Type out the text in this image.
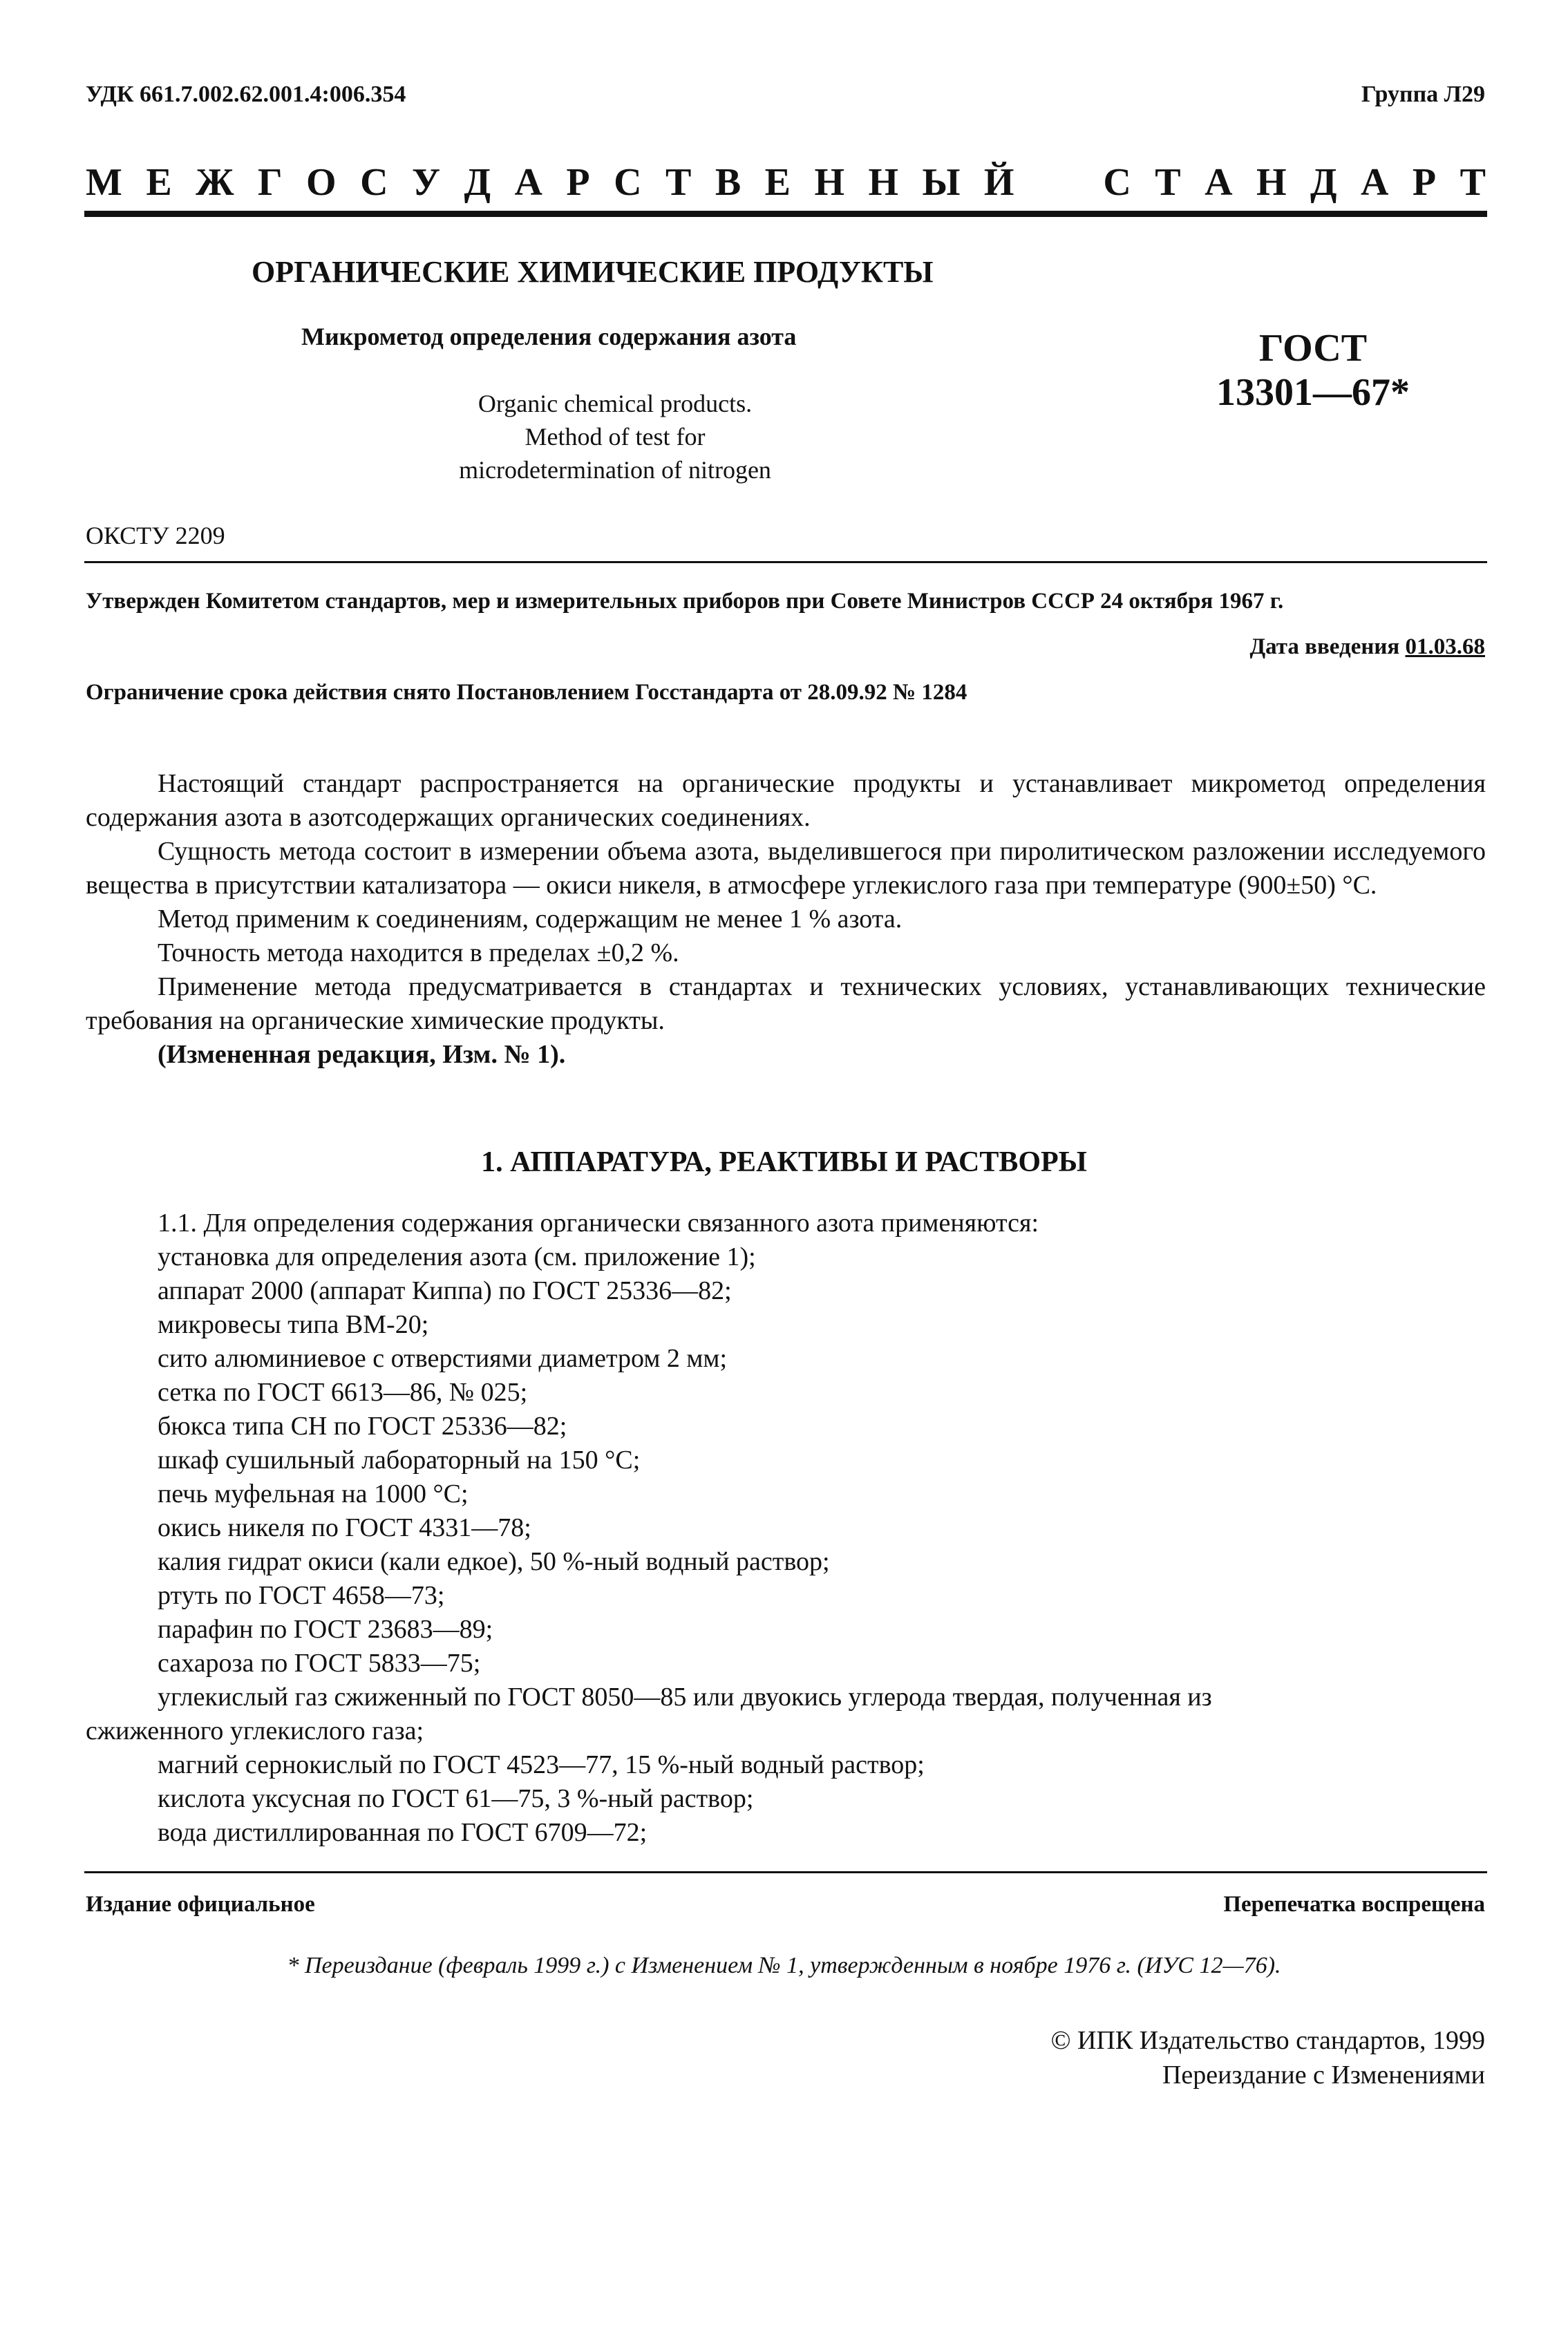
УДК 661.7.002.62.001.4:006.354	Группа Л29
М Е Ж Г О С У Д А Р С Т В Е Н Н Ы Й С Т А Н Д А Р Т
ОРГАНИЧЕСКИЕ ХИМИЧЕСКИЕ ПРОДУКТЫ
Микрометод определения содержания азота
Organic chemical products.
Method of test for
microdetermination of nitrogen
ГОСТ
13301—67*
ОКСТУ 2209
Утвержден Комитетом стандартов, мер и измерительных приборов при Совете Министров СССР 24 октября 1967 г.
Дата введения 01.03.68
Ограничение срока действия снято Постановлением Госстандарта от 28.09.92 № 1284

Настоящий стандарт распространяется на органические продукты и устанавливает микрометод определения содержания азота в азотсодержащих органических соединениях.

Сущность метода состоит в измерении объема азота, выделившегося при пиролитическом разложении исследуемого вещества в присутствии катализатора — окиси никеля, в атмосфере углекислого газа при температуре (900±50) °С.

Метод применим к соединениям, содержащим не менее 1 % азота.

Точность метода находится в пределах ±0,2 %.

Применение метода предусматривается в стандартах и технических условиях, устанавливающих технические требования на органические химические продукты.

(Измененная редакция, Изм. № 1).

1. АППАРАТУРА, РЕАКТИВЫ И РАСТВОРЫ

1.1. Для определения содержания органически связанного азота применяются:

установка для определения азота (см. приложение 1);

аппарат 2000 (аппарат Киппа) по ГОСТ 25336—82;

микровесы типа ВМ-20;

сито алюминиевое с отверстиями диаметром 2 мм;

сетка по ГОСТ 6613—86, № 025;

бюкса типа СН по ГОСТ 25336—82;

шкаф сушильный лабораторный на 150 °С;

печь муфельная на 1000 °С;

окись никеля по ГОСТ 4331—78;

калия гидрат окиси (кали едкое), 50 %-ный водный раствор;

ртуть по ГОСТ 4658—73;

парафин по ГОСТ 23683—89;

сахароза по ГОСТ 5833—75;

углекислый газ сжиженный по ГОСТ 8050—85 или двуокись углерода твердая, полученная из

сжиженного углекислого газа;

магний сернокислый по ГОСТ 4523—77, 15 %-ный водный раствор;

кислота уксусная по ГОСТ 61—75, 3 %-ный раствор;

вода дистиллированная по ГОСТ 6709—72;

Издание официальное	Перепечатка воспрещена
* Переиздание (февраль 1999 г.) с Изменением № 1, утвержденным в ноябре 1976 г. (ИУС 12—76).
© ИПК Издательство стандартов, 1999
Переиздание с Изменениями
